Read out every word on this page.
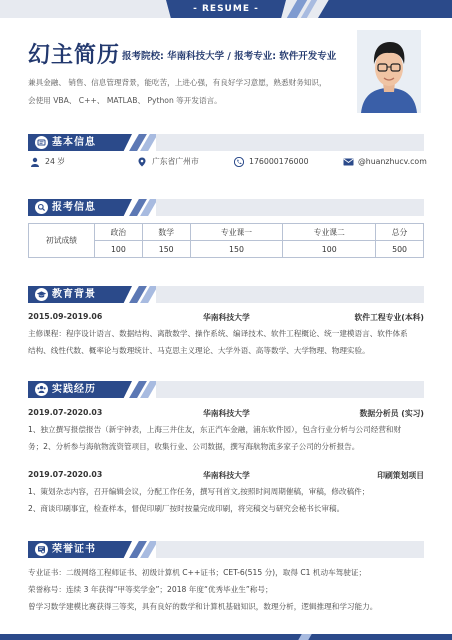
- RESUME -
幻主简历 报考院校: 华南科技大学 / 报考专业: 软件开发专业
兼具金融、 销售、信息管理背景，能吃苦，上进心强，有良好学习意愿，熟悉财务知识，
会使用 VBA、 C++、 MATLAB、 Python 等开发语言。
基本信息
24 岁	广东省广州市	176000176000	@huanzhucv.com
报考信息
初试成绩	政治	数学	专业课一	专业课二	总分
	100	150	150	100	500
教育背景
2015.09-2019.06	华南科技大学	软件工程专业(本科)
主修课程：程序设计语言、数据结构、离散数学、操作系统、编译技术、软件工程概论、统一建模语言、软件体系
结构、线性代数、概率论与数理统计、马克思主义理论、大学外语、高等数学、大学物理、物理实验。
实践经历
2019.07-2020.03	华南科技大学	数据分析员 (实习)
1、独立撰写报偿报告（新宇钟表，上海三井住友，东正汽车金融，浦东软件园），包含行业分析与公司经营和财
务；2、分析参与海航物流资管项目，收集行业、公司数据，撰写海航物流多家子公司的分析报告。
2019.07-2020.03	华南科技大学	印刷策划项目
1、策划杂志内容，召开编辑会议，分配工作任务，撰写刊首文,按照时间周期催稿，审稿，修改稿件；
2、商谈印刷事宜，检查样本，督促印刷厂按时按量完成印刷，将完稿交与研究会秘书长审稿。
荣誉证书
专业证书：二级网络工程师证书、初级计算机 C++证书；CET-6(515 分)，取得 C1 机动车驾驶证；
荣誉称号：连续 3 年获得“甲等奖学金”；2018 年度“优秀毕业生”称号；
曾学习数学建模比赛获得三等奖，具有良好的数学和计算机基础知识，数理分析，逻辑推理和学习能力。
